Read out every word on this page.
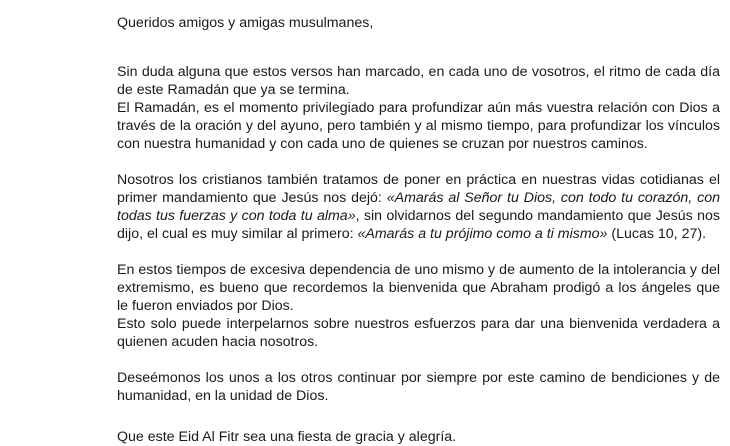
Queridos amigos y amigas musulmanes,

Sin duda alguna que estos versos han marcado, en cada uno de vosotros, el ritmo de cada día de este Ramadán que ya se termina.

El Ramadán, es el momento privilegiado para profundizar aún más vuestra relación con Dios a través de la oración y del ayuno, pero también y al mismo tiempo, para profundizar los vínculos con nuestra humanidad y con cada uno de quienes se cruzan por nuestros caminos.

Nosotros los cristianos también tratamos de poner en práctica en nuestras vidas cotidianas el primer mandamiento que Jesús nos dejó: «Amarás al Señor tu Dios, con todo tu corazón, con todas tus fuerzas y con toda tu alma», sin olvidarnos del segundo mandamiento que Jesús nos dijo, el cual es muy similar al primero: «Amarás a tu prójimo como a ti mismo» (Lucas 10, 27).

En estos tiempos de excesiva dependencia de uno mismo y de aumento de la intolerancia y del extremismo, es bueno que recordemos la bienvenida que Abraham prodigó a los ángeles que le fueron enviados por Dios.

Esto solo puede interpelarnos sobre nuestros esfuerzos para dar una bienvenida verdadera a quienen acuden hacia nosotros.

Deseémonos los unos a los otros continuar por siempre por este camino de bendiciones y de humanidad, en la unidad de Dios.

Que este Eid Al Fitr sea una fiesta de gracia y alegría.
